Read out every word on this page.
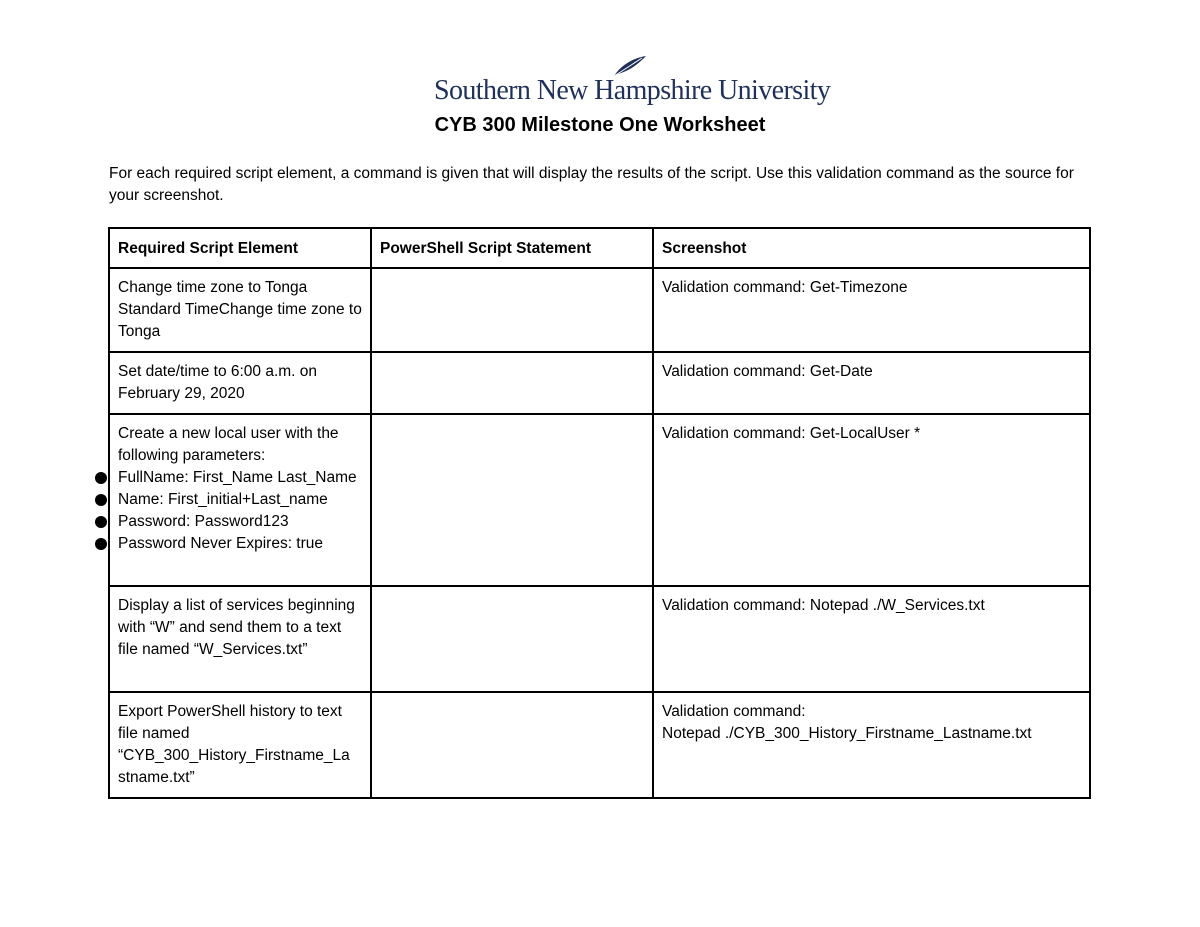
Southern New Hampshire University
CYB 300 Milestone One Worksheet
For each required script element, a command is given that will display the results of the script. Use this validation command as the source for your screenshot.
Required Script Element	PowerShell Script Statement	Screenshot
Change time zone to Tonga Standard TimeChange time zone to Tonga		Validation command: Get-Timezone
Set date/time to 6:00 a.m. on February 29, 2020		Validation command: Get-Date

Create a new local user with the following parameters:
FullName: First_Name Last_Name
Name: First_initial+Last_name
Password: Password123
Password Never Expires: true		Validation command: Get-LocalUser *
Display a list of services beginning with “W” and send them to a text file named “W_Services.txt”		Validation command: Notepad ./W_Services.txt
Export PowerShell history to text file named “CYB_300_History_Firstname_La stname.txt”		Validation command:
Notepad ./CYB_300_History_Firstname_Lastname.txt
